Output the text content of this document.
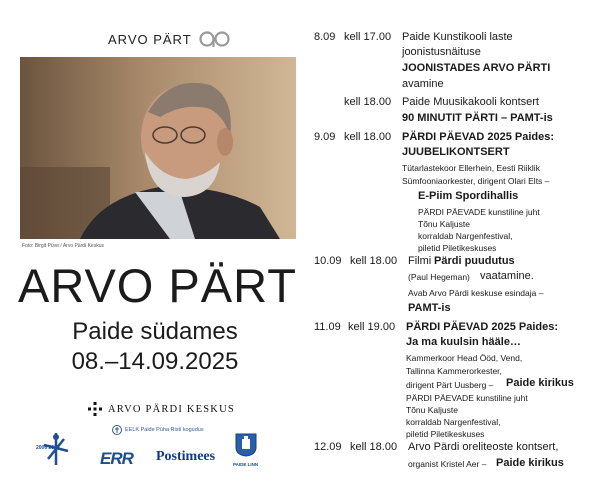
ARVO PÄRT
Foto: Birgit Püve / Arvo Pärdi Keskus
ARVO PÄRT
Paide südames
08.–14.09.2025
ARVO PÄRDI KESKUS
2006 2025
EELK Paide Püha Risti kogudus
ERR Postimees
PAIDE LINN
8.09 kell 17.00 Paide Kunstikooli laste
joonistusnäituse
JOONISTADES ARVO PÄRTI
avamine
kell 18.00 Paide Muusikakooli kontsert
90 MINUTIT PÄRTI – PAMT-is
9.09 kell 18.00 PÄRDI PÄEVAD 2025 Paides:
JUUBELIKONTSERT
Tütarlastekoor Ellerhein, Eesti Riiklik
Sümfooniaorkester, dirigent Olari Elts –
E-Piim Spordihallis
PÄRDI PÄEVADE kunstiline juht
Tõnu Kaljuste
korraldab Nargenfestival,
piletid Piletikeskuses
10.09 kell 18.00 Filmi Pärdi puudutus
(Paul Hegeman) vaatamine.
Avab Arvo Pärdi keskuse esindaja –
PAMT-is
11.09 kell 19.00 PÄRDI PÄEVAD 2025 Paides:
Ja ma kuulsin hääle…
Kammerkoor Head Ööd, Vend,
Tallinna Kammerorkester,
dirigent Pärt Uusberg – Paide kirikus
PÄRDI PÄEVADE kunstiline juht
Tõnu Kaljuste
korraldab Nargenfestival,
piletid Piletikeskuses
12.09 kell 18.00 Arvo Pärdi oreliteoste kontsert,
organist Kristel Aer – Paide kirikus
